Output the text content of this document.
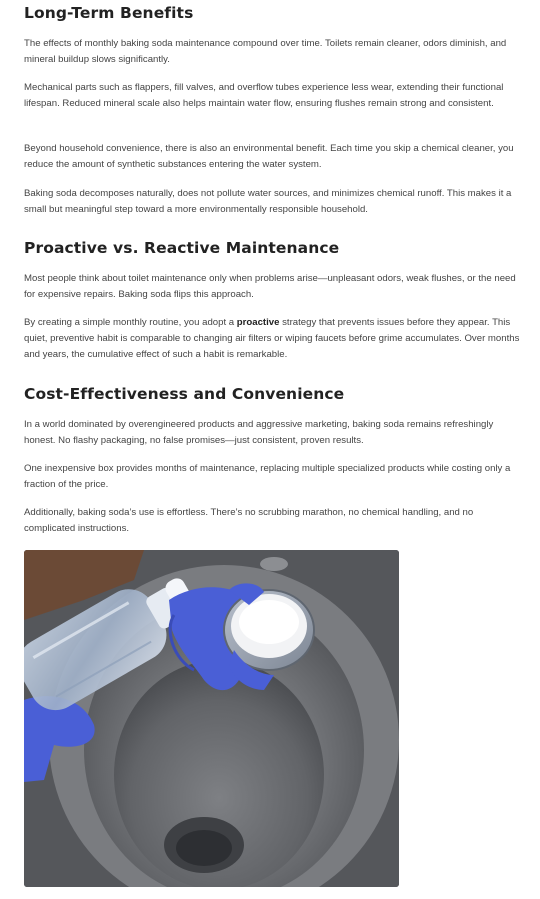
Long-Term Benefits

The effects of monthly baking soda maintenance compound over time. Toilets remain cleaner, odors diminish, and mineral buildup slows significantly.

Mechanical parts such as flappers, fill valves, and overflow tubes experience less wear, extending their functional lifespan. Reduced mineral scale also helps maintain water flow, ensuring flushes remain strong and consistent.

Beyond household convenience, there is also an environmental benefit. Each time you skip a chemical cleaner, you reduce the amount of synthetic substances entering the water system.

Baking soda decomposes naturally, does not pollute water sources, and minimizes chemical runoff. This makes it a small but meaningful step toward a more environmentally responsible household.

Proactive vs. Reactive Maintenance

Most people think about toilet maintenance only when problems arise—unpleasant odors, weak flushes, or the need for expensive repairs. Baking soda flips this approach.

By creating a simple monthly routine, you adopt a proactive strategy that prevents issues before they appear. This quiet, preventive habit is comparable to changing air filters or wiping faucets before grime accumulates. Over months and years, the cumulative effect of such a habit is remarkable.

Cost-Effectiveness and Convenience

In a world dominated by overengineered products and aggressive marketing, baking soda remains refreshingly honest. No flashy packaging, no false promises—just consistent, proven results.

One inexpensive box provides months of maintenance, replacing multiple specialized products while costing only a fraction of the price.

Additionally, baking soda’s use is effortless. There’s no scrubbing marathon, no chemical handling, and no complicated instructions.
